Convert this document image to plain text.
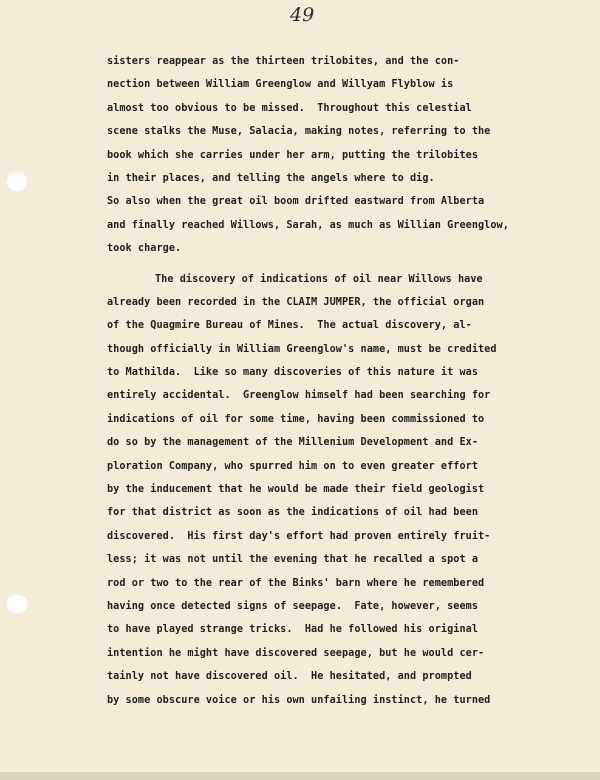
49
sisters reappear as the thirteen trilobites, and the con-
nection between William Greenglow and Willyam Flyblow is
almost too obvious to be missed.  Throughout this celestial
scene stalks the Muse, Salacia, making notes, referring to the
book which she carries under her arm, putting the trilobites
in their places, and telling the angels where to dig.
So also when the great oil boom drifted eastward from Alberta
and finally reached Willows, Sarah, as much as Willian Greenglow,
took charge.
The discovery of indications of oil near Willows have
already been recorded in the CLAIM JUMPER, the official organ
of the Quagmire Bureau of Mines.  The actual discovery, al-
though officially in William Greenglow's name, must be credited
to Mathilda.  Like so many discoveries of this nature it was
entirely accidental.  Greenglow himself had been searching for
indications of oil for some time, having been commissioned to
do so by the management of the Millenium Development and Ex-
ploration Company, who spurred him on to even greater effort
by the inducement that he would be made their field geologist
for that district as soon as the indications of oil had been
discovered.  His first day's effort had proven entirely fruit-
less; it was not until the evening that he recalled a spot a
rod or two to the rear of the Binks' barn where he remembered
having once detected signs of seepage.  Fate, however, seems
to have played strange tricks.  Had he followed his original
intention he might have discovered seepage, but he would cer-
tainly not have discovered oil.  He hesitated, and prompted
by some obscure voice or his own unfailing instinct, he turned
